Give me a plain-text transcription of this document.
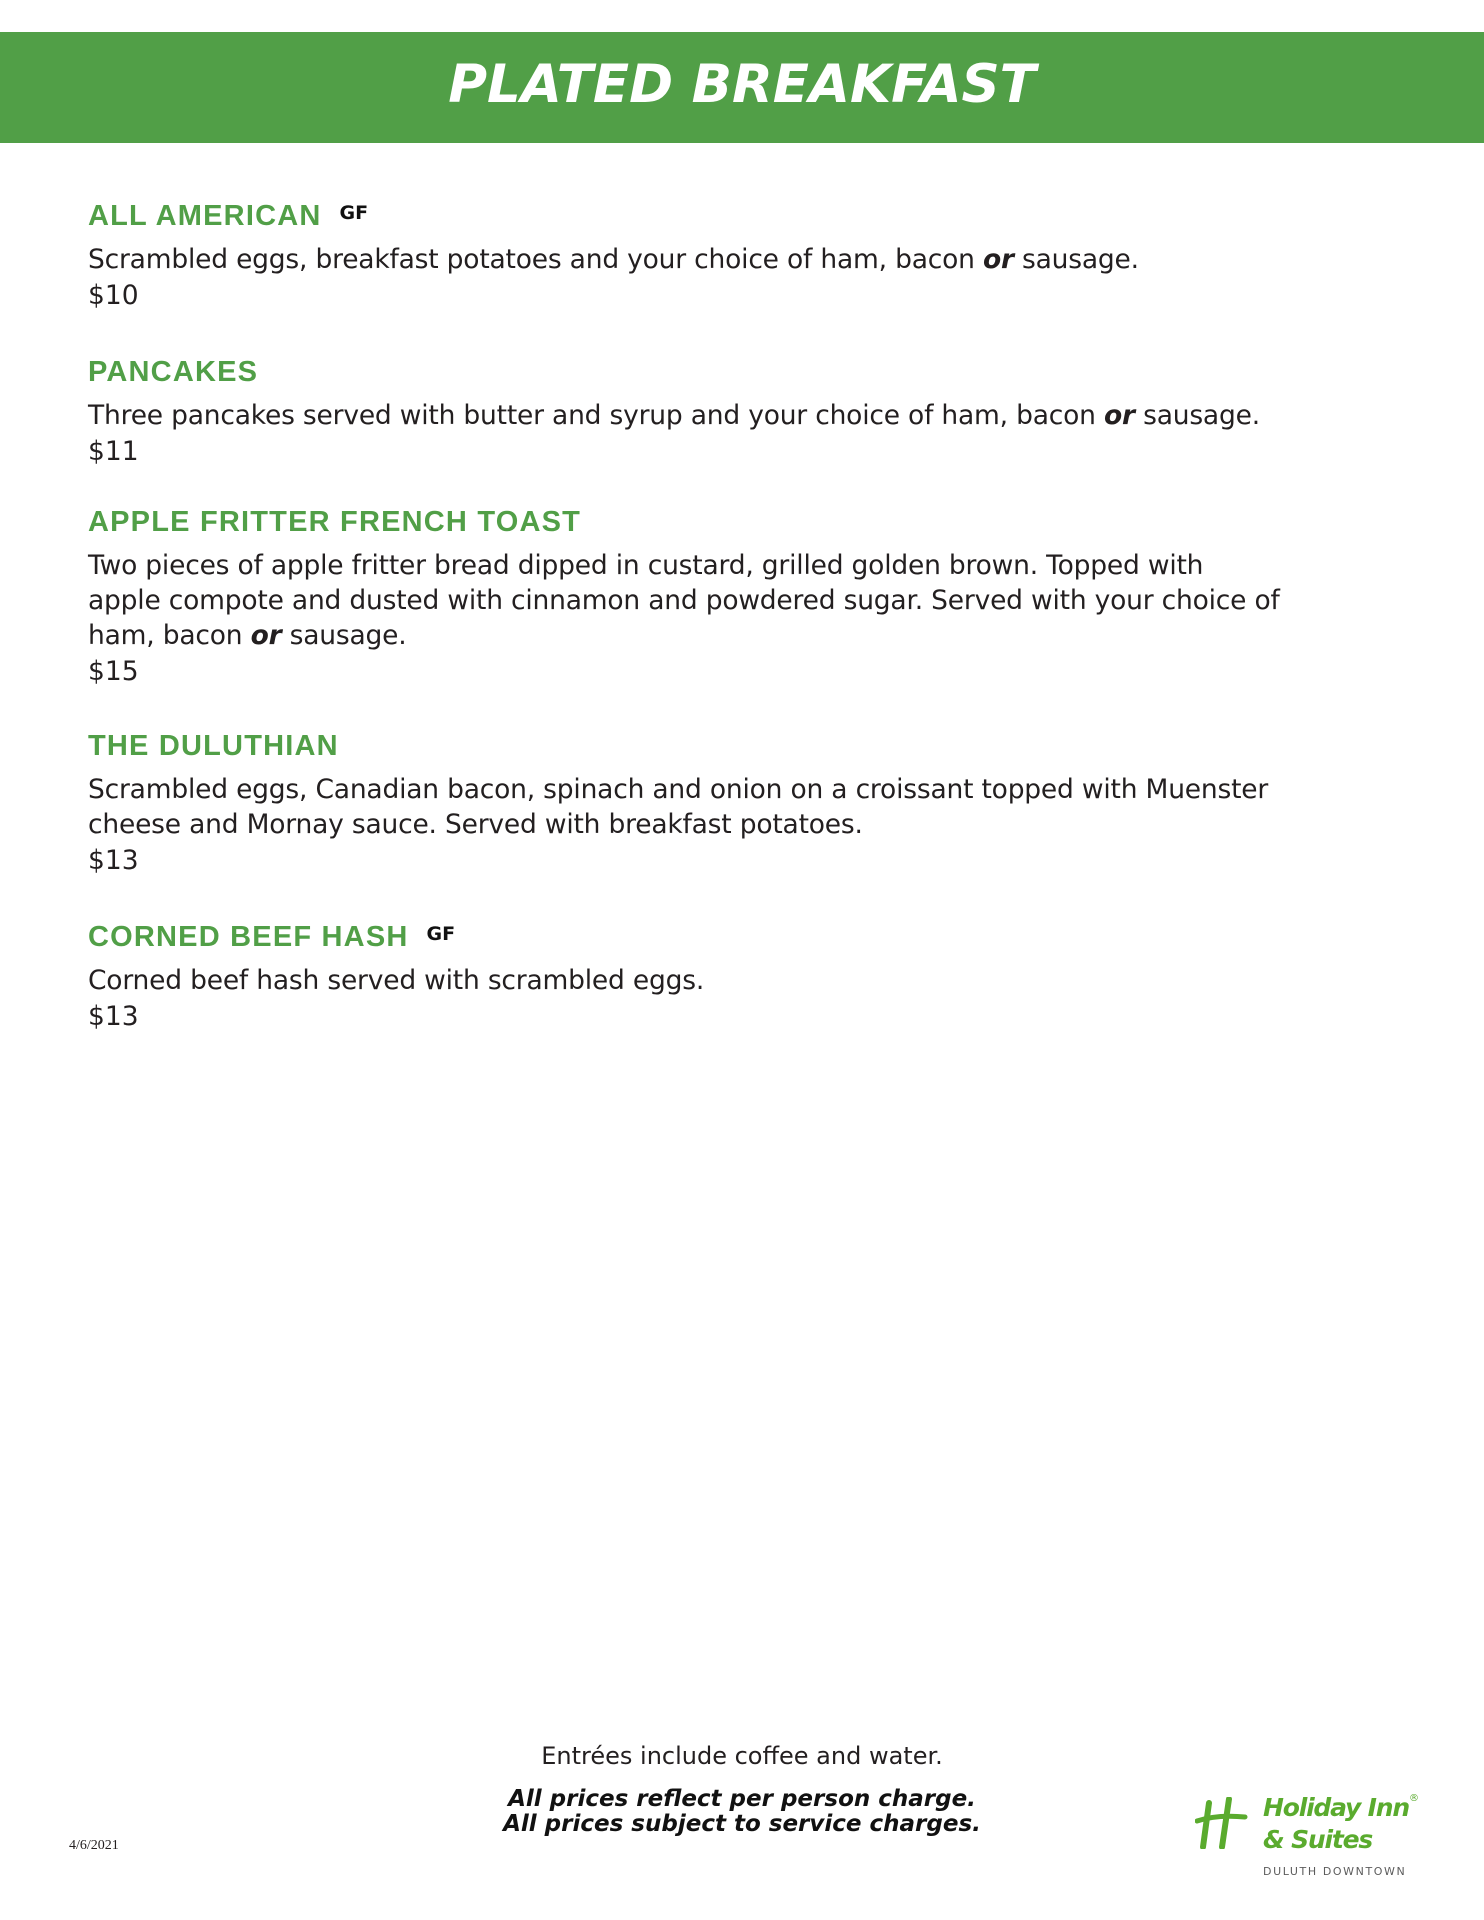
PLATED BREAKFAST
ALL AMERICAN GF
Scrambled eggs, breakfast potatoes and your choice of ham, bacon or sausage.
$10
PANCAKES
Three pancakes served with butter and syrup and your choice of ham, bacon or sausage.
$11
APPLE FRITTER FRENCH TOAST
Two pieces of apple fritter bread dipped in custard, grilled golden brown. Topped with
apple compote and dusted with cinnamon and powdered sugar. Served with your choice of
ham, bacon or sausage.
$15
THE DULUTHIAN
Scrambled eggs, Canadian bacon, spinach and onion on a croissant topped with Muenster
cheese and Mornay sauce. Served with breakfast potatoes.
$13
CORNED BEEF HASH GF
Corned beef hash served with scrambled eggs.
$13
Entrées include coffee and water.
All prices reflect per person charge.
All prices subject to service charges.
4/6/2021
Holiday Inn®
& Suites
DULUTH DOWNTOWN
